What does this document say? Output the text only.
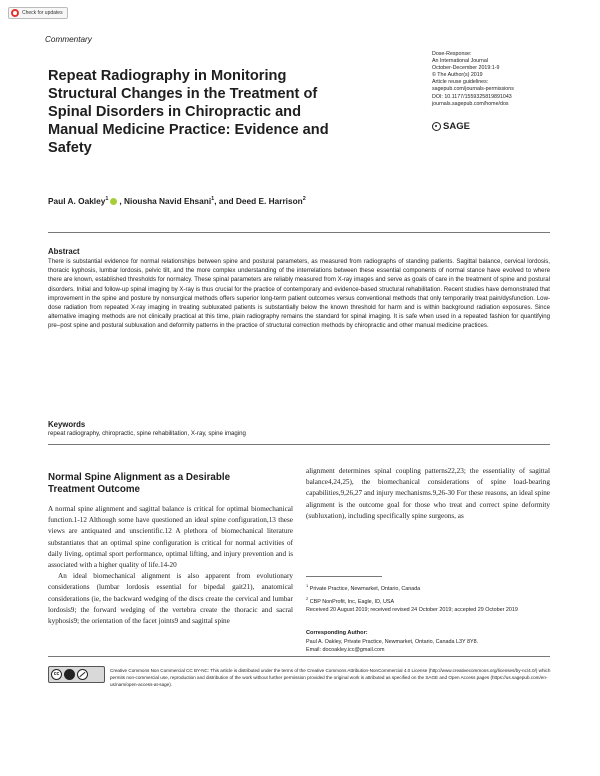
Check for updates
Commentary
Repeat Radiography in Monitoring Structural Changes in the Treatment of Spinal Disorders in Chiropractic and Manual Medicine Practice: Evidence and Safety
Dose-Response:
An International Journal
October-December 2019:1-9
© The Author(s) 2019
Article reuse guidelines:
sagepub.com/journals-permissions
DOI: 10.1177/1559325819891043
journals.sagepub.com/home/dos
SAGE
Paul A. Oakley$^1$ , Niousha Navid Ehsani$^1$, and Deed E. Harrison$^2$
Abstract
There is substantial evidence for normal relationships between spine and postural parameters, as measured from radiographs of standing patients. Sagittal balance, cervical lordosis, thoracic kyphosis, lumbar lordosis, pelvic tilt, and the more complex understanding of the interrelations between these essential components of normal stance have evolved to where there are known, established thresholds for normalcy. These spinal parameters are reliably measured from X-ray images and serve as goals of care in the treatment of spine and postural disorders. Initial and follow-up spinal imaging by X-ray is thus crucial for the practice of contemporary and evidence-based structural rehabilitation. Recent studies have demonstrated that improvement in the spine and posture by nonsurgical methods offers superior long-term patient outcomes versus conventional methods that only temporarily treat pain/dysfunction. Low-dose radiation from repeated X-ray imaging in treating subluxated patients is substantially below the known threshold for harm and is within background radiation exposures. Since alternative imaging methods are not clinically practical at this time, plain radiography remains the standard for spinal imaging. It is safe when used in a repeated fashion for quantifying pre–post spine and postural subluxation and deformity patterns in the practice of structural correction methods by chiropractic and other manual medicine practices.
Keywords
repeat radiography, chiropractic, spine rehabilitation, X-ray, spine imaging
Normal Spine Alignment as a Desirable Treatment Outcome

A normal spine alignment and sagittal balance is critical for optimal biomechanical function.1-12 Although some have questioned an ideal spine configuration,13 these views are antiquated and unscientific.12 A plethora of biomechanical literature substantiates that an optimal spine configuration is critical for normal activities of daily living, optimal sport performance, optimal lifting, and injury prevention and is associated with a higher quality of life.14-20

An ideal biomechanical alignment is also apparent from evolutionary considerations (lumbar lordosis essential for bipedal gait21), anatomical considerations (ie, the backward wedging of the discs create the cervical and lumbar lordosis9; the forward wedging of the vertebra create the thoracic and sacral kyphosis9; the orientation of the facet joints9 and sagittal spine

alignment determines spinal coupling patterns22,23; the essentiality of sagittal balance4,24,25), the biomechanical considerations of spine load-bearing capabilities,9,26,27 and injury mechanisms.9,26-30 For these reasons, an ideal spine alignment is the outcome goal for those who treat and correct spine deformity (subluxation), including specifically spine surgeons, as

$^1$ Private Practice, Newmarket, Ontario, Canada
$^2$ CBP NonProfit, Inc, Eagle, ID, USA
Received 20 August 2019; received revised 24 October 2019; accepted 29 October 2019
Corresponding Author:
Paul A. Oakley, Private Practice, Newmarket, Ontario, Canada L3Y 8Y8.
Email: docoakley.icc@gmail.com
cc
Creative Commons Non Commercial CC BY-NC: This article is distributed under the terms of the Creative Commons Attribution-NonCommercial 4.0 License (http://www.creativecommons.org/licenses/by-nc/4.0/) which permits non-commercial use, reproduction and distribution of the work without further permission provided the original work is attributed as specified on the SAGE and Open Access pages (https://us.sagepub.com/en-us/nam/open-access-at-sage).
